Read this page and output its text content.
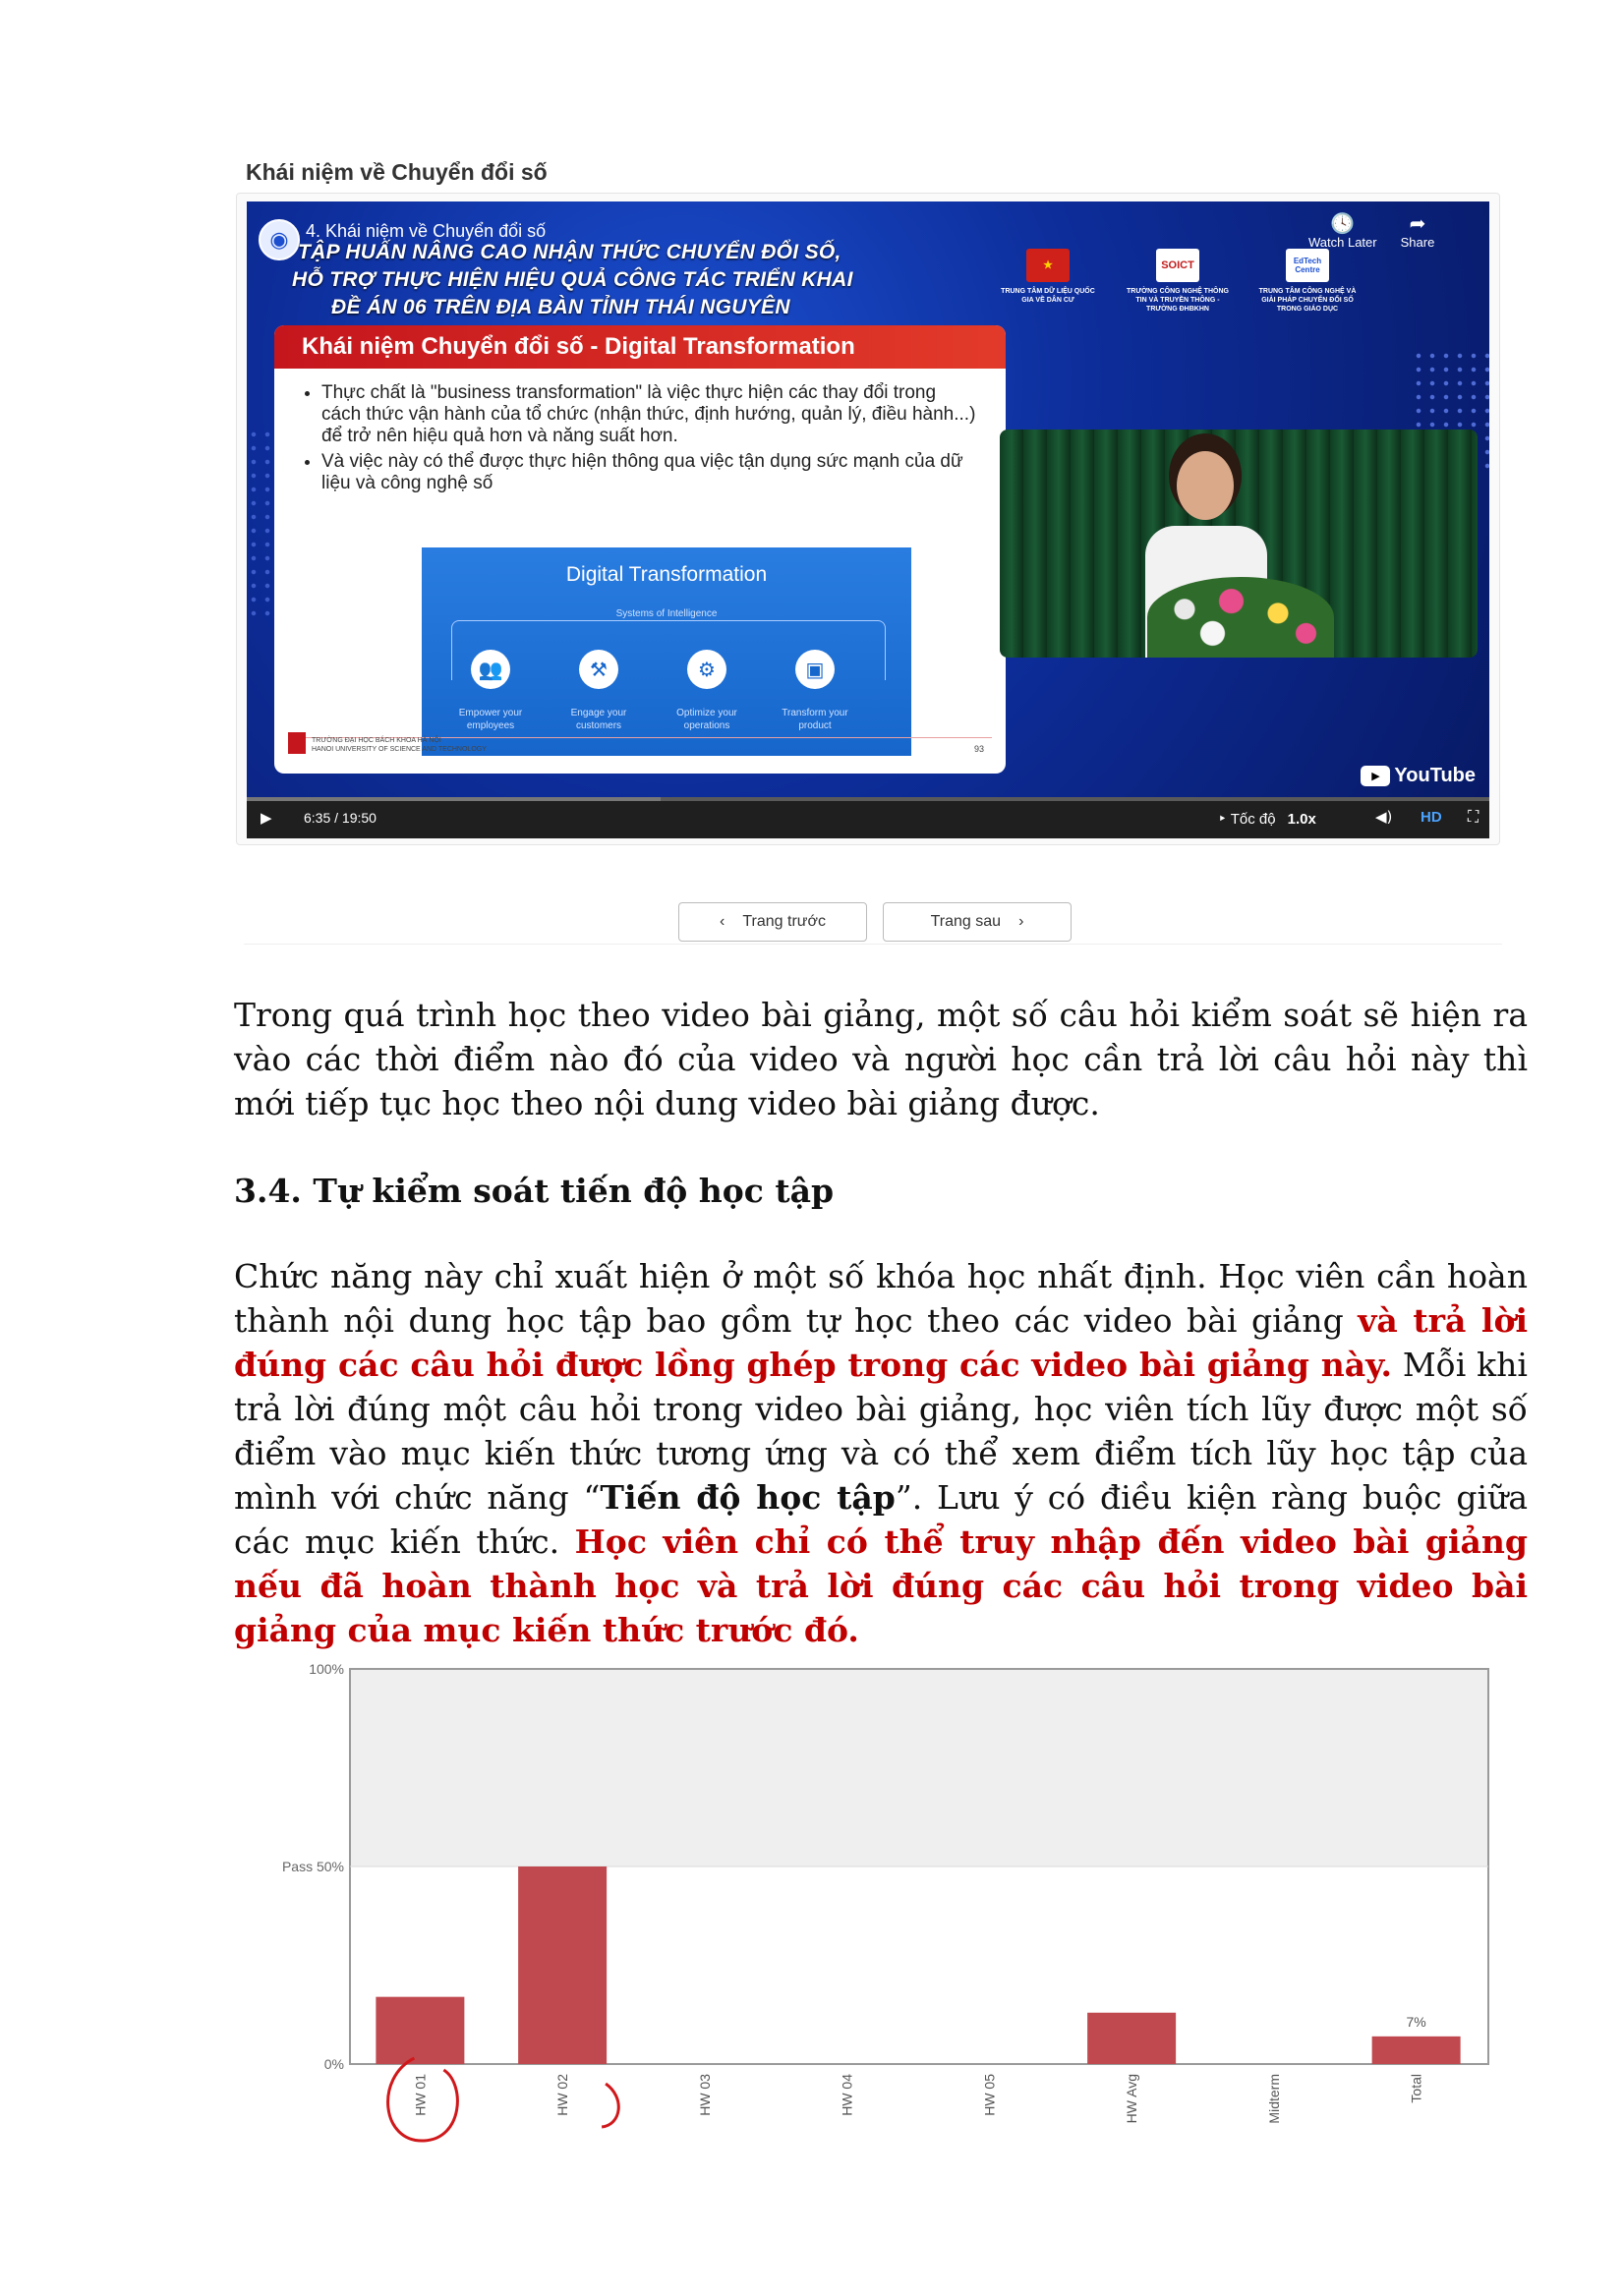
Khái niệm về Chuyển đổi số
◉ 4. Khái niệm về Chuyển đổi số
TẬP HUẤN NÂNG CAO NHẬN THỨC CHUYỂN ĐỔI SỐ,
HỖ TRỢ THỰC HIỆN HIỆU QUẢ CÔNG TÁC TRIỂN KHAI
ĐỀ ÁN 06 TRÊN ĐỊA BÀN TỈNH THÁI NGUYÊN
★
TRUNG TÂM DỮ LIỆU QUỐC GIA VỀ DÂN CƯ
SOICT
TRƯỜNG CÔNG NGHỆ THÔNG TIN VÀ TRUYỀN THÔNG - TRƯỜNG ĐHBKHN
EdTech Centre
TRUNG TÂM CÔNG NGHỆ VÀ GIẢI PHÁP CHUYỂN ĐỔI SỐ TRONG GIÁO DỤC
🕓
Watch Later
➦
Share
Khái niệm Chuyển đổi số - Digital Transformation
• Thực chất là "business transformation" là việc thực hiện các thay đổi trong cách thức vận hành của tổ chức (nhận thức, định hướng, quản lý, điều hành...) để trở nên hiệu quả hơn và năng suất hơn.
• Và việc này có thể được thực hiện thông qua việc tận dụng sức mạnh của dữ liệu và công nghệ số
Digital Transformation
Systems of Intelligence
👥	⚒	⚙	▣
Empower your employees
Engage your customers
Optimize your operations
Transform your product
TRƯỜNG ĐẠI HỌC BÁCH KHOA HÀ NỘI
HANOI UNIVERSITY OF SCIENCE AND TECHNOLOGY	93
▶ YouTube
▶ 6:35 / 19:50	‣ Tốc độ 1.0x	◀) HD ⛶
‹ Trang trước	Trang sau ›
Trong quá trình học theo video bài giảng, một số câu hỏi kiểm soát sẽ hiện ra vào các thời điểm nào đó của video và người học cần trả lời câu hỏi này thì mới tiếp tục học theo nội dung video bài giảng được.
3.4. Tự kiểm soát tiến độ học tập
Chức năng này chỉ xuất hiện ở một số khóa học nhất định. Học viên cần hoàn thành nội dung học tập bao gồm tự học theo các video bài giảng và trả lời đúng các câu hỏi được lồng ghép trong các video bài giảng này. Mỗi khi trả lời đúng một câu hỏi trong video bài giảng, học viên tích lũy được một số điểm vào mục kiến thức tương ứng và có thể xem điểm tích lũy học tập của mình với chức năng “Tiến độ học tập”. Lưu ý có điều kiện ràng buộc giữa các mục kiến thức. Học viên chỉ có thể truy nhập đến video bài giảng nếu đã hoàn thành học và trả lời đúng các câu hỏi trong video bài giảng của mục kiến thức trước đó.
100%
Pass 50%
0%
HW 01	HW 02	HW 03	HW 04	HW 05	HW Avg	Midterm	Total
7%
